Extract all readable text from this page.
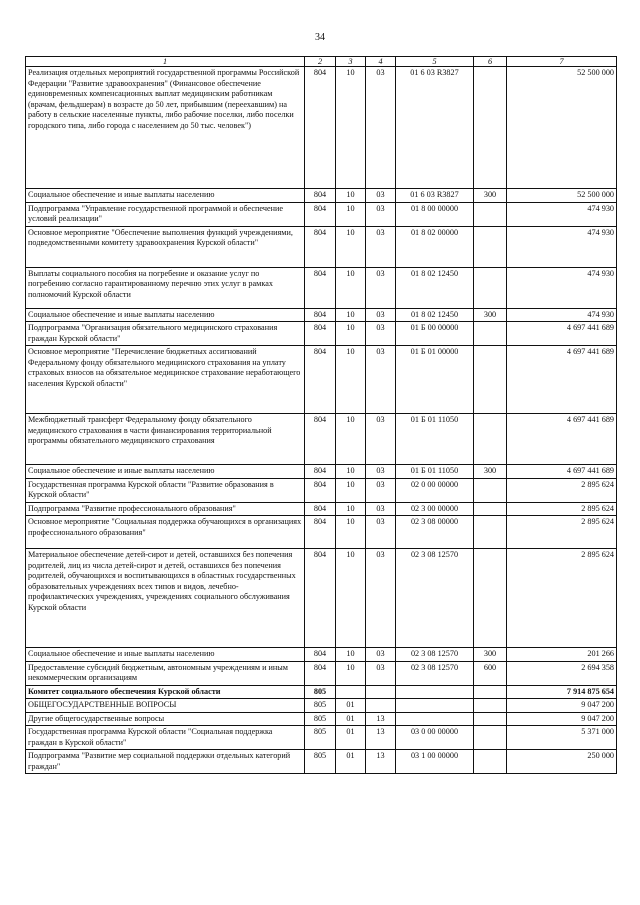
34
1	2	3	4	5	6	7
Реализация отдельных мероприятий государственной программы Российской Федерации "Развитие здравоохранения" (Финансовое обеспечение единовременных компенсационных выплат медицинским работникам (врачам, фельдшерам) в возрасте до 50 лет, прибывшим (переехавшим) на работу в сельские населенные пункты, либо рабочие поселки, либо поселки городского типа, либо города с населением до 50 тыс. человек")	804	10	03	01 6 03 R3827		52 500 000
Социальное обеспечение и иные выплаты населению	804	10	03	01 6 03 R3827	300	52 500 000
Подпрограмма "Управление государственной программой и обеспечение условий реализации"	804	10	03	01 8 00 00000		474 930
Основное мероприятие "Обеспечение выполнения функций учреждениями, подведомственными комитету здравоохранения Курской области"	804	10	03	01 8 02 00000		474 930
Выплаты социального пособия на погребение и оказание услуг по погребению согласно гарантированному перечню этих услуг в рамках полномочий Курской области	804	10	03	01 8 02 12450		474 930
Социальное обеспечение и иные выплаты населению	804	10	03	01 8 02 12450	300	474 930
Подпрограмма "Организация обязательного медицинского страхования граждан Курской области"	804	10	03	01 Б 00 00000		4 697 441 689
Основное мероприятие "Перечисление бюджетных ассигнований Федеральному фонду обязательного медицинского страхования на уплату страховых взносов на обязательное медицинское страхование неработающего населения Курской области"	804	10	03	01 Б 01 00000		4 697 441 689
Межбюджетный трансферт Федеральному фонду обязательного медицинского страхования в части финансирования территориальной программы обязательного медицинского страхования	804	10	03	01 Б 01 11050		4 697 441 689
Социальное обеспечение и иные выплаты населению	804	10	03	01 Б 01 11050	300	4 697 441 689
Государственная программа Курской области "Развитие образования в Курской области"	804	10	03	02 0 00 00000		2 895 624
Подпрограмма "Развитие профессионального образования"	804	10	03	02 3 00 00000		2 895 624
Основное мероприятие "Социальная поддержка обучающихся в организациях профессионального образования"	804	10	03	02 3 08 00000		2 895 624
Материальное обеспечение детей-сирот и детей, оставшихся без попечения родителей, лиц из числа детей-сирот и детей, оставшихся без попечения родителей, обучающихся и воспитывающихся в областных государственных образовательных учреждениях всех типов и видов, лечебно-профилактических учреждениях, учреждениях социального обслуживания Курской области	804	10	03	02 3 08 12570		2 895 624
Социальное обеспечение и иные выплаты населению	804	10	03	02 3 08 12570	300	201 266
Предоставление субсидий бюджетным, автономным учреждениям и иным некоммерческим организациям	804	10	03	02 3 08 12570	600	2 694 358
Комитет социального обеспечения Курской области	805					7 914 875 654
ОБЩЕГОСУДАРСТВЕННЫЕ ВОПРОСЫ	805	01				9 047 200
Другие общегосударственные вопросы	805	01	13			9 047 200
Государственная программа Курской области "Социальная поддержка граждан в Курской области"	805	01	13	03 0 00 00000		5 371 000
Подпрограмма "Развитие мер социальной поддержки отдельных категорий граждан"	805	01	13	03 1 00 00000		250 000
